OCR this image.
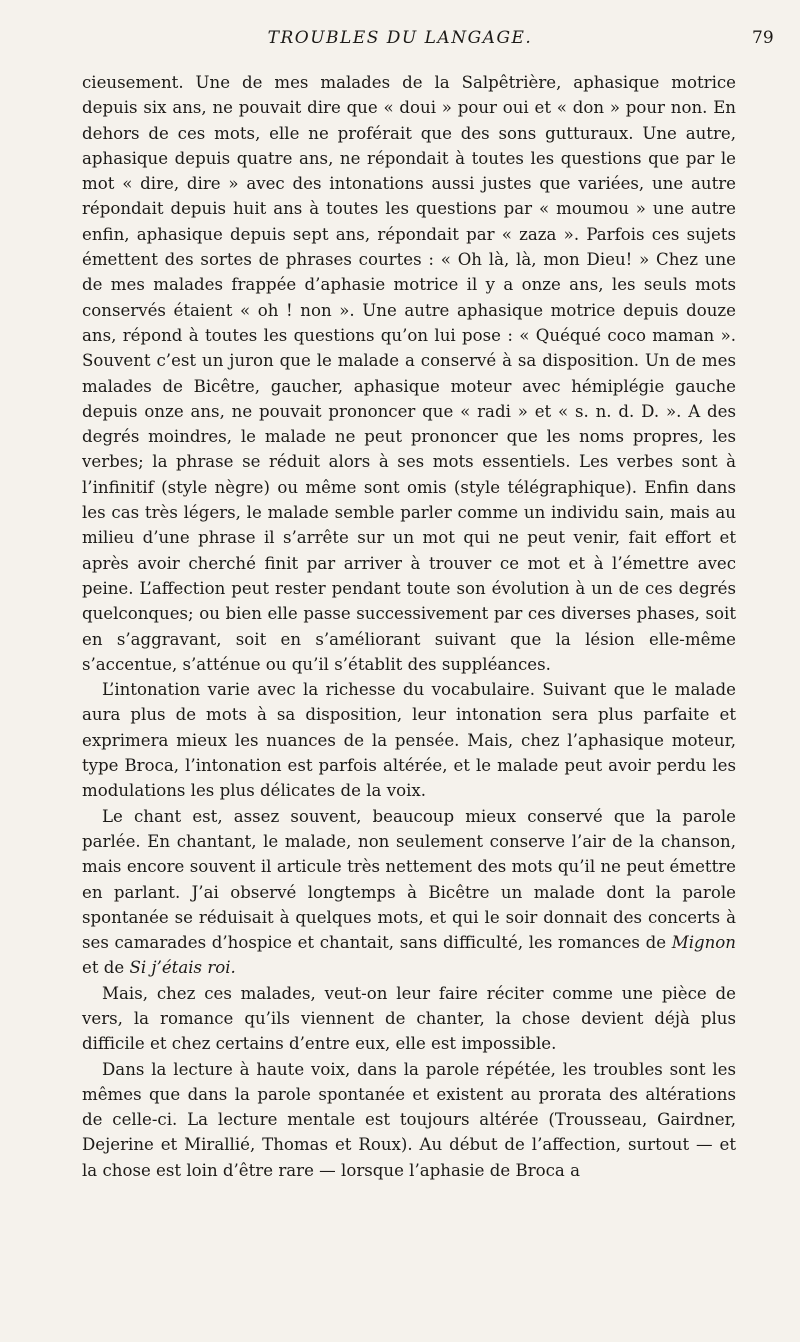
TROUBLES DU LANGAGE.	79

cieusement. Une de mes malades de la Salpêtrière, aphasique motrice depuis six ans, ne pouvait dire que « doui » pour oui et « don » pour non. En dehors de ces mots, elle ne proférait que des sons gutturaux. Une autre, aphasique depuis quatre ans, ne répondait à toutes les questions que par le mot « dire, dire » avec des intonations aussi justes que variées, une autre répondait depuis huit ans à toutes les questions par « moumou » une autre enfin, aphasique depuis sept ans, répondait par « zaza ». Parfois ces sujets émettent des sortes de phrases courtes : « Oh là, là, mon Dieu! » Chez une de mes malades frappée d’aphasie motrice il y a onze ans, les seuls mots conservés étaient « oh ! non ». Une autre aphasique motrice depuis douze ans, répond à toutes les questions qu’on lui pose : « Quéqué coco maman ». Souvent c’est un juron que le malade a conservé à sa disposition. Un de mes malades de Bicêtre, gaucher, aphasique moteur avec hémiplégie gauche depuis onze ans, ne pouvait prononcer que « radi » et « s. n. d. D. ». A des degrés moindres, le malade ne peut prononcer que les noms propres, les verbes; la phrase se réduit alors à ses mots essentiels. Les verbes sont à l’infinitif (style nègre) ou même sont omis (style télégraphique). Enfin dans les cas très légers, le malade semble parler comme un individu sain, mais au milieu d’une phrase il s’arrête sur un mot qui ne peut venir, fait effort et après avoir cherché finit par arriver à trouver ce mot et à l’émettre avec peine. L’affection peut rester pendant toute son évolution à un de ces degrés quelconques; ou bien elle passe successivement par ces diverses phases, soit en s’aggravant, soit en s’améliorant suivant que la lésion elle-même s’accentue, s’atténue ou qu’il s’établit des suppléances.

L’intonation varie avec la richesse du vocabulaire. Suivant que le malade aura plus de mots à sa disposition, leur intonation sera plus parfaite et exprimera mieux les nuances de la pensée. Mais, chez l’aphasique moteur, type Broca, l’intonation est parfois altérée, et le malade peut avoir perdu les modulations les plus délicates de la voix.

Le chant est, assez souvent, beaucoup mieux conservé que la parole parlée. En chantant, le malade, non seulement conserve l’air de la chanson, mais encore souvent il articule très nettement des mots qu’il ne peut émettre en parlant. J’ai observé longtemps à Bicêtre un malade dont la parole spontanée se réduisait à quelques mots, et qui le soir donnait des concerts à ses camarades d’hospice et chantait, sans difficulté, les romances de Mignon et de Si j’étais roi.

Mais, chez ces malades, veut-on leur faire réciter comme une pièce de vers, la romance qu’ils viennent de chanter, la chose devient déjà plus difficile et chez certains d’entre eux, elle est impossible.

Dans la lecture à haute voix, dans la parole répétée, les troubles sont les mêmes que dans la parole spontanée et existent au prorata des altérations de celle-ci. La lecture mentale est toujours altérée (Trousseau, Gairdner, Dejerine et Mirallié, Thomas et Roux). Au début de l’affection, surtout — et la chose est loin d’être rare — lorsque l’aphasie de Broca a
